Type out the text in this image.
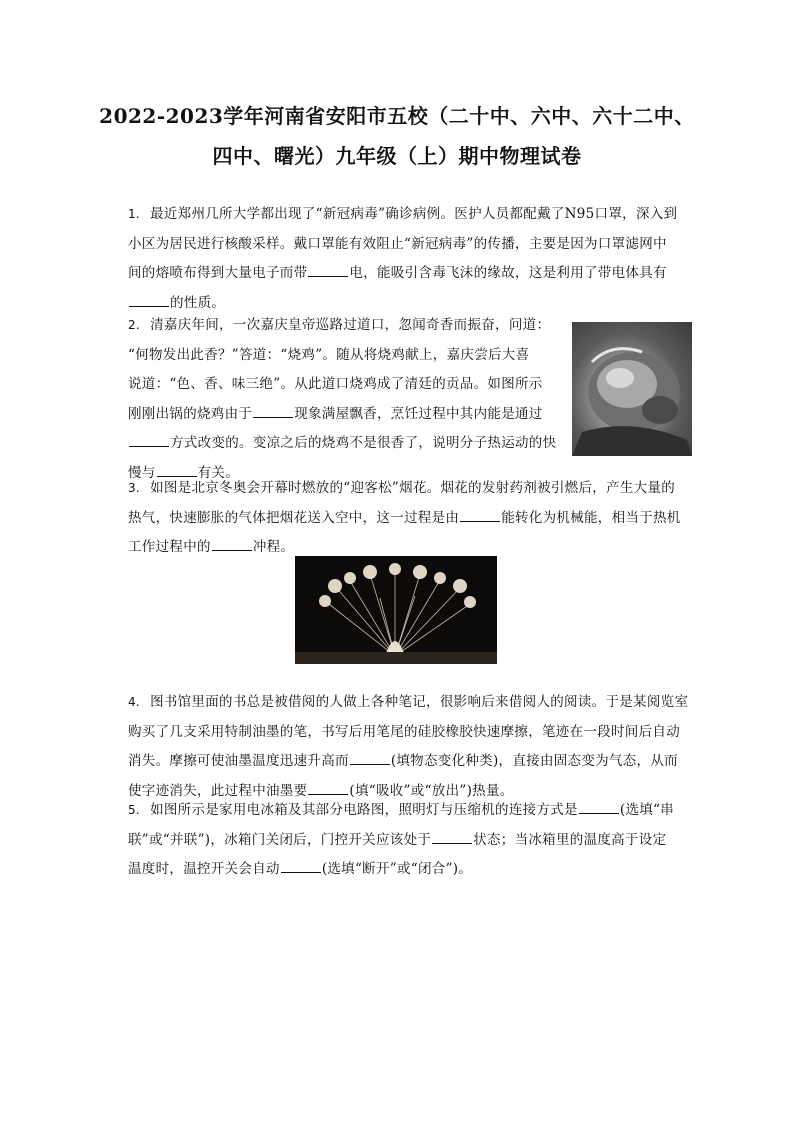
2022-2023学年河南省安阳市五校（二十中、六中、六十二中、
四中、曙光）九年级（上）期中物理试卷
1. 最近郑州几所大学都出现了“新冠病毒”确诊病例。医护人员都配戴了N95口罩，深入到
小区为居民进行核酸采样。戴口罩能有效阻止“新冠病毒”的传播，主要是因为口罩滤网中
间的熔喷布得到大量电子而带	电，能吸引含毒飞沫的缘故，这是利用了带电体具有
的性质。
2. 清嘉庆年间，一次嘉庆皇帝巡路过道口，忽闻奇香而振奋，问道：
“何物发出此香？”答道：“烧鸡”。随从将烧鸡献上，嘉庆尝后大喜
说道：“色、香、味三绝”。从此道口烧鸡成了清廷的贡品。如图所示
刚刚出锅的烧鸡由于	现象满屋飘香，烹饪过程中其内能是通过
方式改变的。变凉之后的烧鸡不是很香了，说明分子热运动的快
慢与	有关。
3. 如图是北京冬奥会开幕时燃放的“迎客松”烟花。烟花的发射药剂被引燃后，产生大量的
热气，快速膨胀的气体把烟花送入空中，这一过程是由	能转化为机械能，相当于热机
工作过程中的	冲程。
4. 图书馆里面的书总是被借阅的人做上各种笔记，很影响后来借阅人的阅读。于是某阅览室
购买了几支采用特制油墨的笔，书写后用笔尾的硅胶橡胶快速摩擦，笔迹在一段时间后自动
消失。摩擦可使油墨温度迅速升高而	(填物态变化种类)，直接由固态变为气态，从而
使字迹消失，此过程中油墨要	(填“吸收”或“放出”)热量。
5. 如图所示是家用电冰箱及其部分电路图，照明灯与压缩机的连接方式是	(选填“串
联”或“并联”)，冰箱门关闭后，门控开关应该处于	状态；当冰箱里的温度高于设定
温度时，温控开关会自动	(选填“断开”或“闭合”)。
